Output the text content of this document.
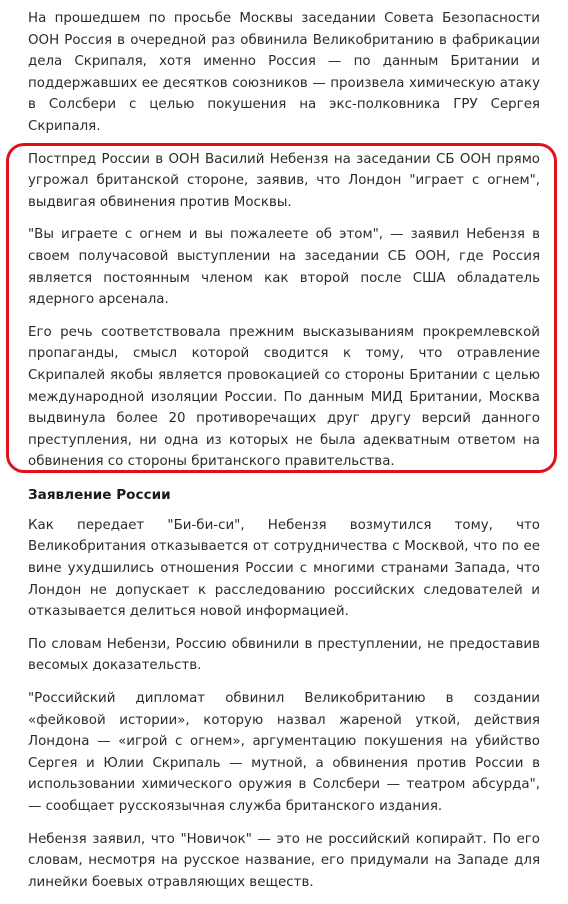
На прошедшем по просьбе Москвы заседании Совета Безопасности ООН Россия в очередной раз обвинила Великобританию в фабрикации дела Скрипаля, хотя именно Россия — по данным Британии и поддержавших ее десятков союзников — произвела химическую атаку в Солсбери с целью покушения на экс-полковника ГРУ Сергея Скрипаля.

Постпред России в ООН Василий Небензя на заседании СБ ООН прямо угрожал британской стороне, заявив, что Лондон "играет с огнем", выдвигая обвинения против Москвы.

"Вы играете с огнем и вы пожалеете об этом", — заявил Небензя в своем получасовой выступлении на заседании СБ ООН, где Россия является постоянным членом как второй после США обладатель ядерного арсенала.

Его речь соответствовала прежним высказываниям прокремлевской пропаганды, смысл которой сводится к тому, что отравление Скрипалей якобы является провокацией со стороны Британии с целью международной изоляции России. По данным МИД Британии, Москва выдвинула более 20 противоречащих друг другу версий данного преступления, ни одна из которых не была адекватным ответом на обвинения со стороны британского правительства.

Заявление России

Как передает "Би-би-си", Небензя возмутился тому, что Великобритания отказывается от сотрудничества с Москвой, что по ее вине ухудшились отношения России с многими странами Запада, что Лондон не допускает к расследованию российских следователей и отказывается делиться новой информацией.

По словам Небензи, Россию обвинили в преступлении, не предоставив весомых доказательств.

"Российский дипломат обвинил Великобританию в создании «фейковой истории», которую назвал жареной уткой, действия Лондона — «игрой с огнем», аргументацию покушения на убийство Сергея и Юлии Скрипаль — мутной, а обвинения против России в использовании химического оружия в Солсбери — театром абсурда", — сообщает русскоязычная служба британского издания.

Небензя заявил, что "Новичок" — это не российский копирайт. По его словам, несмотря на русское название, его придумали на Западе для линейки боевых отравляющих веществ.
